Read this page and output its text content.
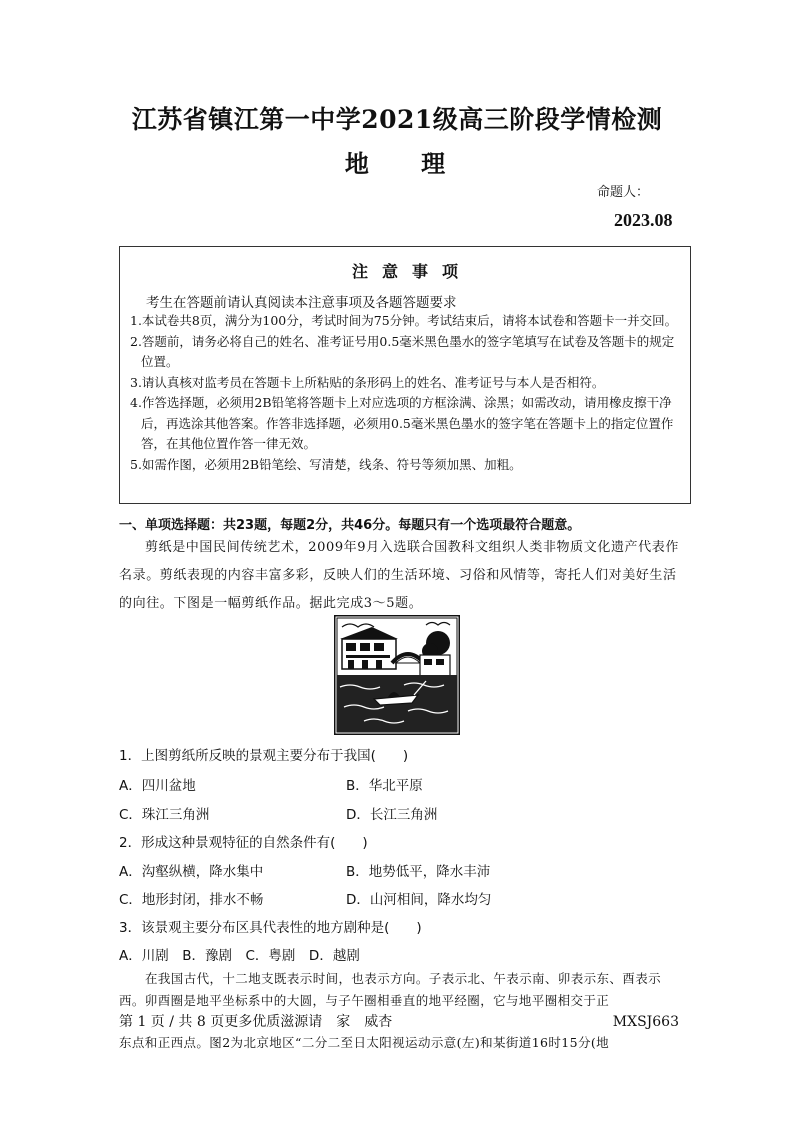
江苏省镇江第一中学2021级高三阶段学情检测
地 理
命题人：
2023.08
注意事项
考生在答题前请认真阅读本注意事项及各题答题要求

1.本试卷共8页，满分为100分，考试时间为75分钟。考试结束后，请将本试卷和答题卡一并交回。

2.答题前，请务必将自己的姓名、准考证号用0.5毫米黑色墨水的签字笔填写在试卷及答题卡的规定位置。

3.请认真核对监考员在答题卡上所粘贴的条形码上的姓名、准考证号与本人是否相符。

4.作答选择题，必须用2B铅笔将答题卡上对应选项的方框涂满、涂黑；如需改动，请用橡皮擦干净后，再选涂其他答案。作答非选择题，必须用0.5毫米黑色墨水的签字笔在答题卡上的指定位置作答，在其他位置作答一律无效。

5.如需作图，必须用2B铅笔绘、写清楚，线条、符号等须加黑、加粗。

一、单项选择题：共23题，每题2分，共46分。每题只有一个选项最符合题意。
剪纸是中国民间传统艺术，2009年9月入选联合国教科文组织人类非物质文化遗产代表作名录。剪纸表现的内容丰富多彩，反映人们的生活环境、习俗和风情等，寄托人们对美好生活的向往。下图是一幅剪纸作品。据此完成3～5题。
1．上图剪纸所反映的景观主要分布于我国(　　)
A．四川盆地	B．华北平原
C．珠江三角洲	D．长江三角洲
2．形成这种景观特征的自然条件有(　　)
A．沟壑纵横，降水集中	B．地势低平，降水丰沛
C．地形封闭，排水不畅	D．山河相间，降水均匀
3．该景观主要分布区具代表性的地方剧种是(　　)
A．川剧　B．豫剧　C．粤剧　D．越剧
在我国古代，十二地支既表示时间，也表示方向。子表示北、午表示南、卯表示东、酉表示西。卯酉圈是地平坐标系中的大圆，与子午圈相垂直的地平经圈，它与地平圈相交于正
第 1 页 / 共 8 页更多优质滋源请　家　威杏	MXSJ663
东点和正西点。图2为北京地区“二分二至日太阳视运动示意(左)和某街道16时15分(地
